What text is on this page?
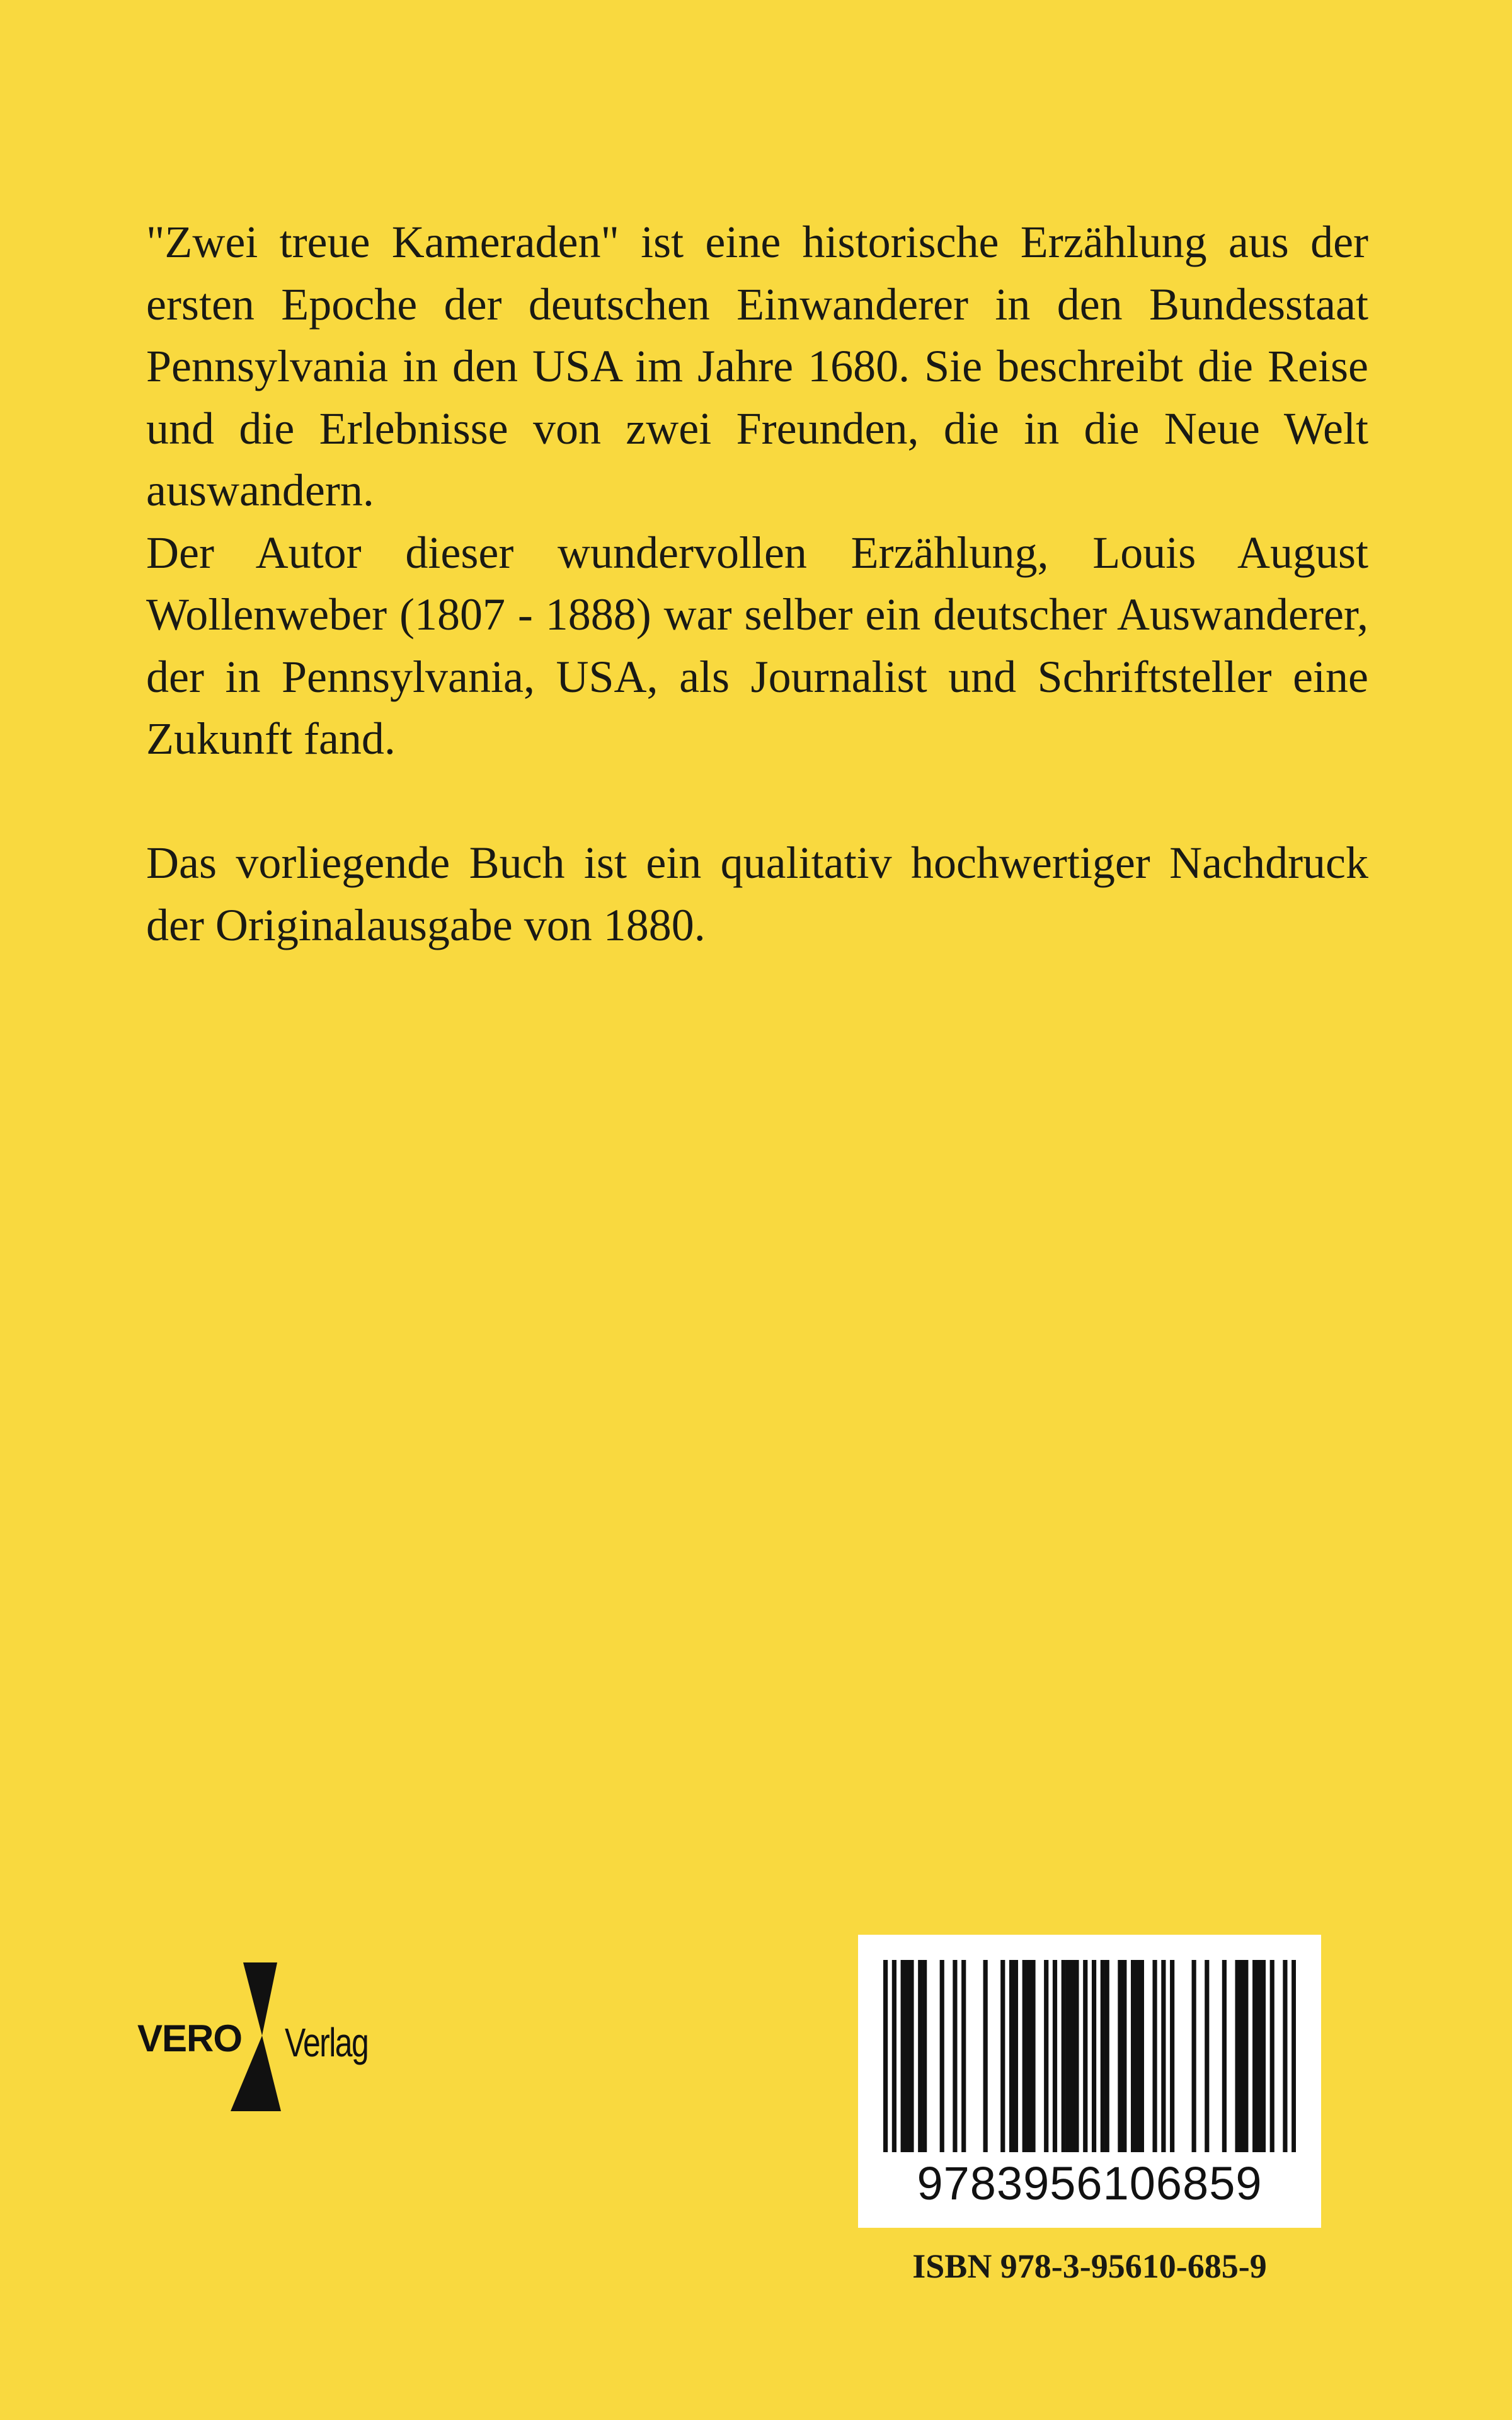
"Zwei treue Kameraden" ist eine historische Erzählung aus der ersten Epoche der deutschen Einwanderer in den Bundesstaat Pennsylvania in den USA im Jahre 1680. Sie beschreibt die Reise und die Erlebnisse von zwei Freunden, die in die Neue Welt auswandern.

Der Autor dieser wundervollen Erzählung, Louis August Wollenweber (1807 - 1888) war selber ein deutscher Auswanderer, der in Pennsylvania, USA, als Journalist und Schriftsteller eine Zukunft fand.

Das vorliegende Buch ist ein qualitativ hochwertiger Nachdruck der Originalausgabe von 1880.

VERO Verlag
9783956106859
ISBN 978-3-95610-685-9
